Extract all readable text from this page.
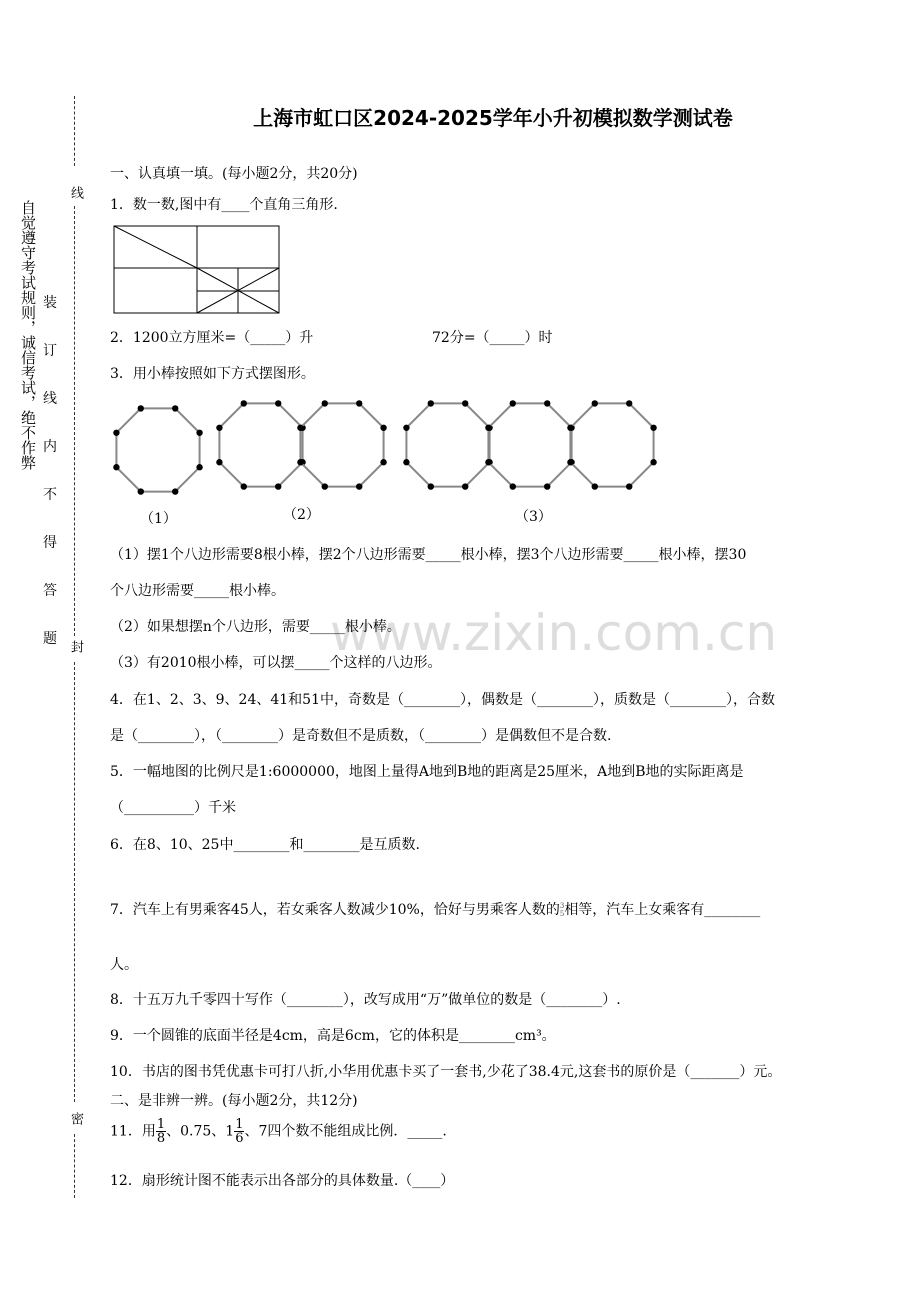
上海市虹口区2024-2025学年小升初模拟数学测试卷
线
封
密
自觉遵守考试规则，诚信考试，绝不作弊 装
订
线
内
不
得
答
题	www.zixin.com.cn
一、认真填一填。(每小题2分，共20分)
1．数一数,图中有____个直角三角形.
2．1200立方厘米=（_____）升	72分=（_____）时
3．用小棒按照如下方式摆图形。
（1）	（2）	（3）
（1）摆1个八边形需要8根小棒，摆2个八边形需要_____根小棒，摆3个八边形需要_____根小棒，摆30
个八边形需要_____根小棒。
（2）如果想摆n个八边形，需要_____根小棒。
（3）有2010根小棒，可以摆_____个这样的八边形。
4．在1、2、3、9、24、41和51中，奇数是（________），偶数是（________），质数是（________），合数
是（________），（________）是奇数但不是质数，（________）是偶数但不是合数.
5．一幅地图的比例尺是1:6000000，地图上量得A地到B地的距离是25厘米，A地到B地的实际距离是
（__________）千米
6．在8、10、25中________和________是互质数.
7．汽车上有男乘客45人，若女乘客人数减少10%，恰好与男乘客人数的 3
5 相等，汽车上女乘客有________
人。
8．十五万九千零四十写作（________），改写成用“万”做单位的数是（________）.
9．一个圆锥的底面半径是4cm，高是6cm，它的体积是________cm³。
10．书店的图书凭优惠卡可打八折,小华用优惠卡买了一套书,少花了38.4元,这套书的原价是（_______）元。
二、是非辨一辨。(每小题2分，共12分)
11．用 $\frac{1}{8}$ 、0.75、$1 \frac{1}{6}$ 、7四个数不能组成比例．_____.
12．扇形统计图不能表示出各部分的具体数量.（____）
